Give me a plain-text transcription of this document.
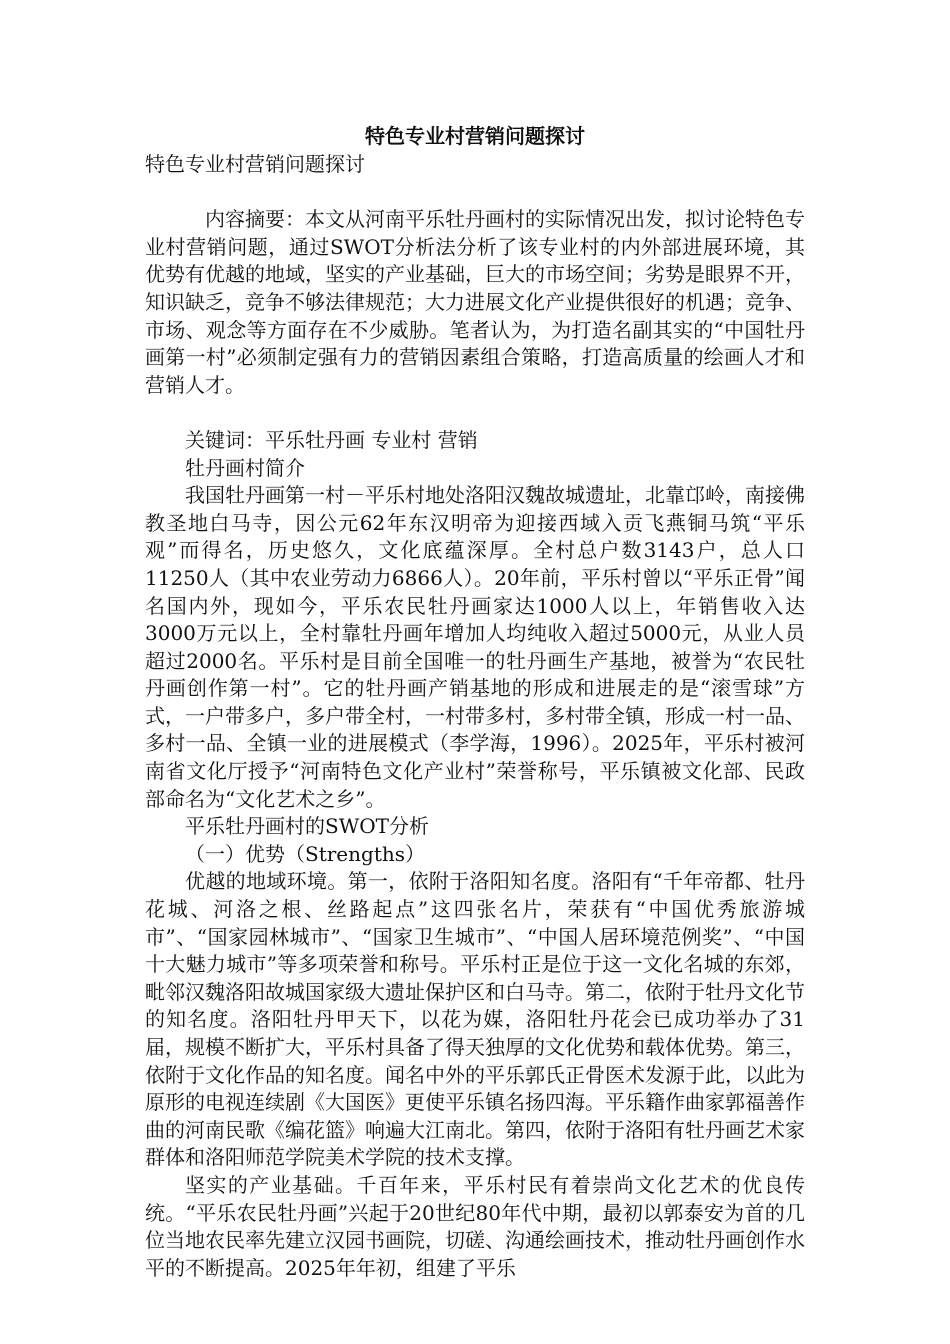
特色专业村营销问题探讨

特色专业村营销问题探讨

内容摘要：本文从河南平乐牡丹画村的实际情况出发，拟讨论特色专业村营销问题，通过SWOT分析法分析了该专业村的内外部进展环境，其优势有优越的地域，坚实的产业基础，巨大的市场空间；劣势是眼界不开，知识缺乏，竞争不够法律规范；大力进展文化产业提供很好的机遇；竞争、市场、观念等方面存在不少威胁。笔者认为，为打造名副其实的“中国牡丹画第一村”必须制定强有力的营销因素组合策略，打造高质量的绘画人才和营销人才。

关键词：平乐牡丹画 专业村 营销

牡丹画村简介

我国牡丹画第一村－平乐村地处洛阳汉魏故城遗址，北靠邙岭，南接佛教圣地白马寺，因公元62年东汉明帝为迎接西域入贡飞燕铜马筑“平乐观”而得名，历史悠久，文化底蕴深厚。全村总户数3143户，总人口11250人（其中农业劳动力6866人）。20年前，平乐村曾以“平乐正骨”闻名国内外，现如今，平乐农民牡丹画家达1000人以上，年销售收入达3000万元以上，全村靠牡丹画年增加人均纯收入超过5000元，从业人员超过2000名。平乐村是目前全国唯一的牡丹画生产基地，被誉为“农民牡丹画创作第一村”。它的牡丹画产销基地的形成和进展走的是“滚雪球”方式，一户带多户，多户带全村，一村带多村，多村带全镇，形成一村一品、多村一品、全镇一业的进展模式（李学海，1996）。2025年，平乐村被河南省文化厅授予“河南特色文化产业村”荣誉称号，平乐镇被文化部、民政部命名为“文化艺术之乡”。

平乐牡丹画村的SWOT分析

（一）优势（Strengths）

优越的地域环境。第一，依附于洛阳知名度。洛阳有“千年帝都、牡丹花城、河洛之根、丝路起点”这四张名片，荣获有“中国优秀旅游城市”、“国家园林城市”、“国家卫生城市”、“中国人居环境范例奖”、“中国十大魅力城市”等多项荣誉和称号。平乐村正是位于这一文化名城的东郊，毗邻汉魏洛阳故城国家级大遗址保护区和白马寺。第二，依附于牡丹文化节的知名度。洛阳牡丹甲天下，以花为媒，洛阳牡丹花会已成功举办了31届，规模不断扩大，平乐村具备了得天独厚的文化优势和载体优势。第三，依附于文化作品的知名度。闻名中外的平乐郭氏正骨医术发源于此，以此为原形的电视连续剧《大国医》更使平乐镇名扬四海。平乐籍作曲家郭福善作曲的河南民歌《编花篮》响遍大江南北。第四，依附于洛阳有牡丹画艺术家群体和洛阳师范学院美术学院的技术支撑。

坚实的产业基础。千百年来，平乐村民有着崇尚文化艺术的优良传统。“平乐农民牡丹画”兴起于20世纪80年代中期，最初以郭泰安为首的几位当地农民率先建立汉园书画院，切磋、沟通绘画技术，推动牡丹画创作水平的不断提高。2025年年初，组建了平乐
